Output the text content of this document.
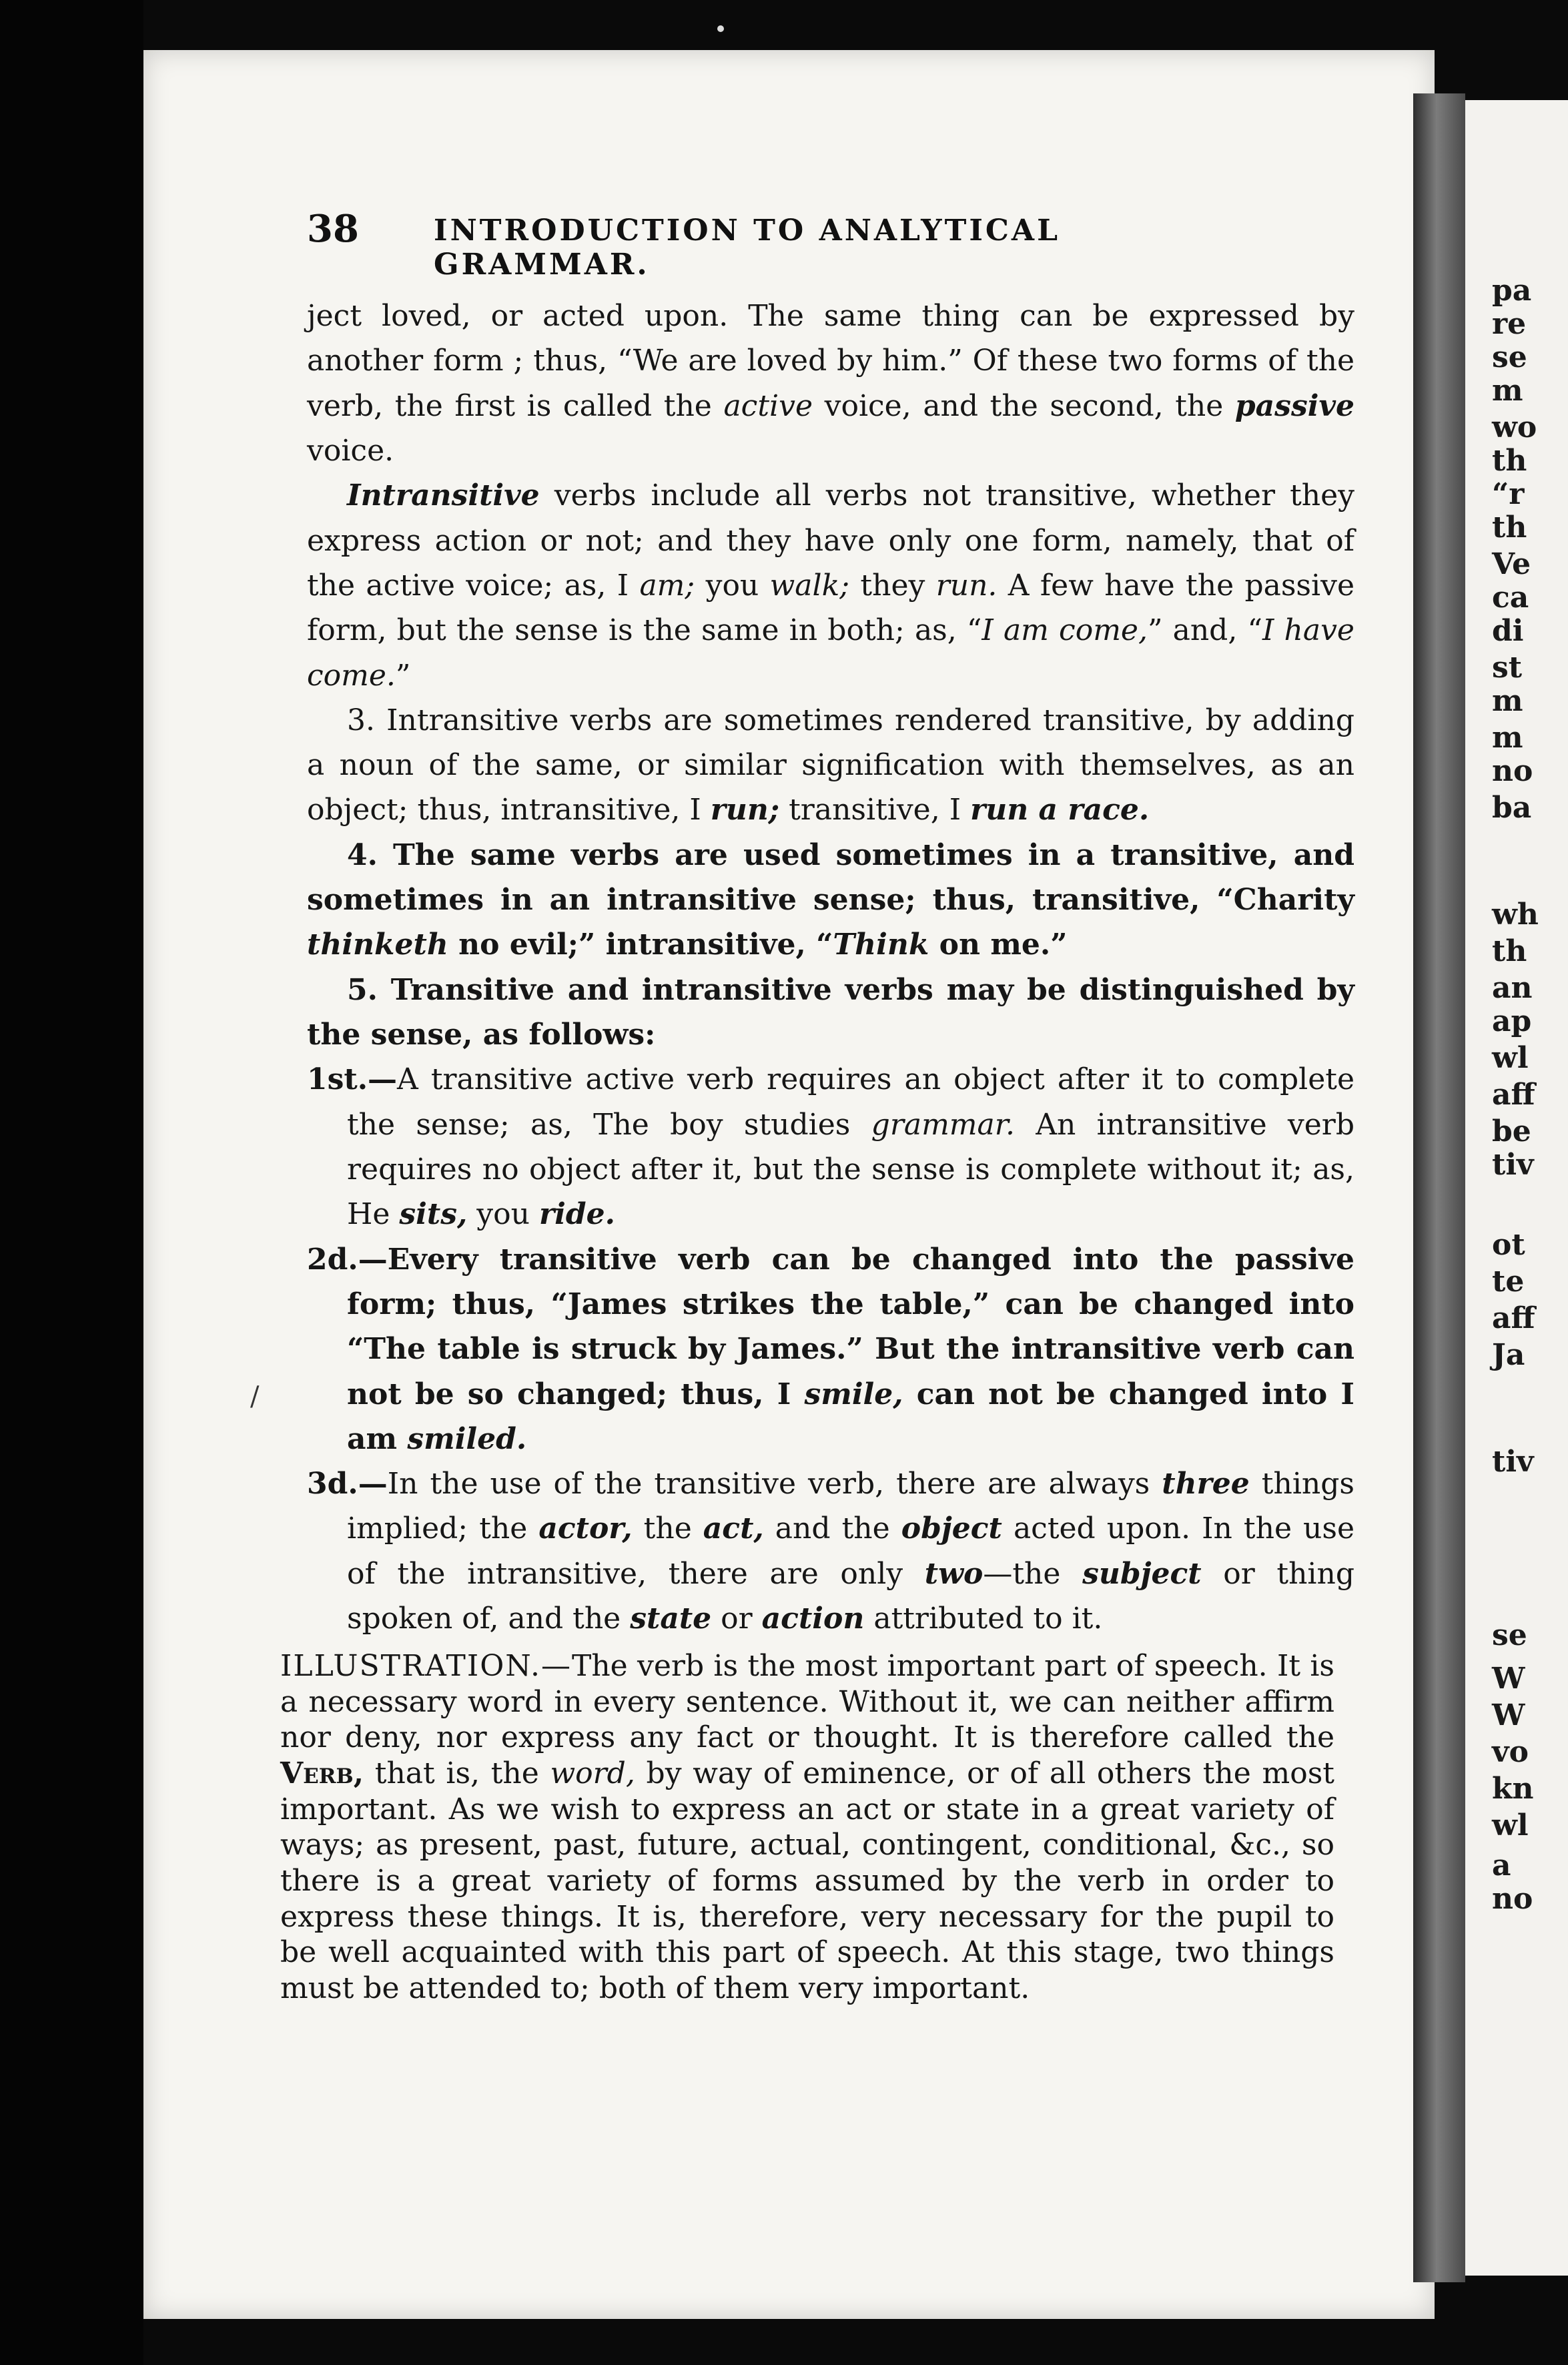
pa
re
se
m
wo
th
“r
th
Ve
ca
di
st
m
m
no
ba
wh
th
an
ap
wl
aff
be
tiv
ot
te
aff
Ja
tiv
se
W
W
vo
kn
wl
a
no
38	INTRODUCTION TO ANALYTICAL GRAMMAR.

ject loved, or acted upon. The same thing can be expressed by another form ; thus, “We are loved by him.” Of these two forms of the verb, the first is called the active voice, and the second, the passive voice.

Intransitive verbs include all verbs not transitive, whether they express action or not; and they have only one form, namely, that of the active voice; as, I am; you walk; they run. A few have the passive form, but the sense is the same in both; as, “I am come,” and, “I have come.”

3. Intransitive verbs are sometimes rendered transitive, by adding a noun of the same, or similar signification with themselves, as an object; thus, intransitive, I run; transitive, I run a race.

4. The same verbs are used sometimes in a transitive, and sometimes in an intransitive sense; thus, transitive, “Charity thinketh no evil;” intransitive, “Think on me.”

5. Transitive and intransitive verbs may be distinguished by the sense, as follows:

1st.—A transitive active verb requires an object after it to complete the sense; as, The boy studies grammar. An intransitive verb requires no object after it, but the sense is complete without it; as, He sits, you ride.

2d.—Every transitive verb can be changed into the passive form; thus, “James strikes the table,” can be changed into “The table is struck by James.” But the intransitive verb can not be so changed; thus, I smile, can not be changed into I am smiled.

3d.—In the use of the transitive verb, there are always three things implied; the actor, the act, and the object acted upon. In the use of the intransitive, there are only two—the subject or thing spoken of, and the state or action attributed to it.

/
ILLUSTRATION.—The verb is the most important part of speech. It is a necessary word in every sentence. Without it, we can neither affirm nor deny, nor express any fact or thought. It is therefore called the Verb, that is, the word, by way of eminence, or of all others the most important. As we wish to express an act or state in a great variety of ways; as present, past, future, actual, contingent, conditional, &c., so there is a great variety of forms assumed by the verb in order to express these things. It is, therefore, very necessary for the pupil to be well acquainted with this part of speech. At this stage, two things must be attended to; both of them very important.
